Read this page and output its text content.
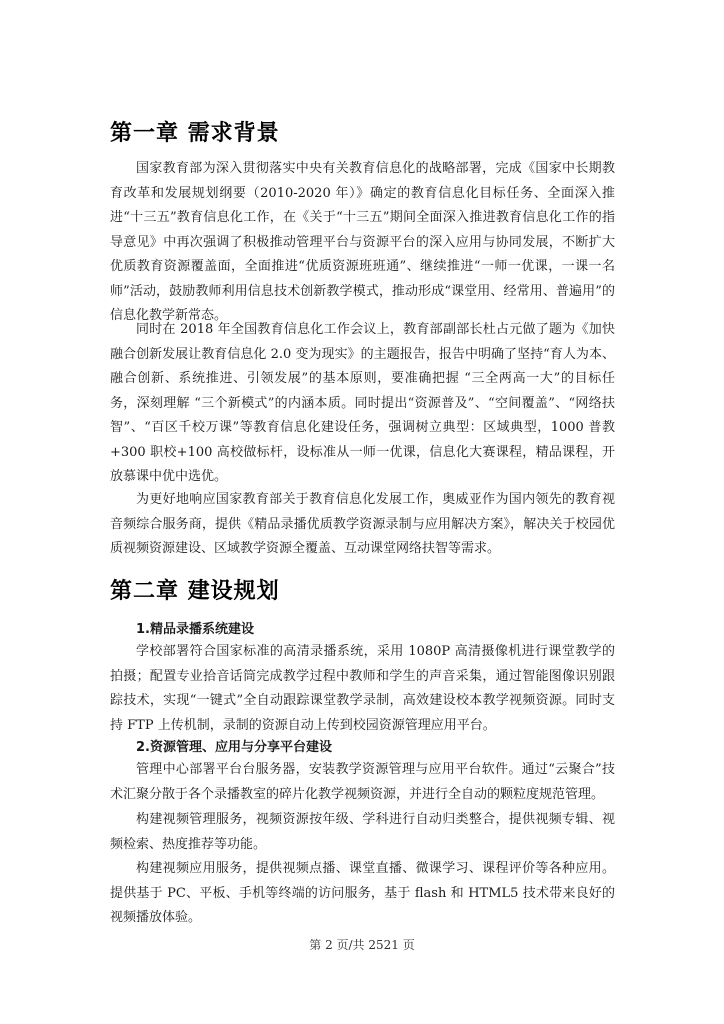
第一章 需求背景

国家教育部为深入贯彻落实中央有关教育信息化的战略部署，完成《国家中长期教育改革和发展规划纲要（2010-2020 年）》确定的教育信息化目标任务、全面深入推进“十三五”教育信息化工作，在《关于“十三五”期间全面深入推进教育信息化工作的指导意见》中再次强调了积极推动管理平台与资源平台的深入应用与协同发展，不断扩大优质教育资源覆盖面，全面推进“优质资源班班通”、继续推进“一师一优课，一课一名师”活动，鼓励教师利用信息技术创新教学模式，推动形成“课堂用、经常用、普遍用”的信息化教学新常态。

同时在 2018 年全国教育信息化工作会议上，教育部副部长杜占元做了题为《加快融合创新发展让教育信息化 2.0 变为现实》的主题报告，报告中明确了坚持“育人为本、融合创新、系统推进、引领发展”的基本原则，要准确把握 “三全两高一大”的目标任务，深刻理解 “三个新模式”的内涵本质。同时提出“资源普及”、“空间覆盖”、“网络扶智”、“百区千校万课”等教育信息化建设任务，强调树立典型：区域典型，1000 普教+300 职校+100 高校做标杆，设标准从一师一优课，信息化大赛课程，精品课程，开放慕课中优中选优。

为更好地响应国家教育部关于教育信息化发展工作，奥威亚作为国内领先的教育视音频综合服务商，提供《精品录播优质教学资源录制与应用解决方案》，解决关于校园优质视频资源建设、区域教学资源全覆盖、互动课堂网络扶智等需求。

第二章 建设规划
1.精品录播系统建设

学校部署符合国家标准的高清录播系统，采用 1080P 高清摄像机进行课堂教学的拍摄；配置专业拾音话筒完成教学过程中教师和学生的声音采集，通过智能图像识别跟踪技术，实现“一键式”全自动跟踪课堂教学录制，高效建设校本教学视频资源。同时支持 FTP 上传机制，录制的资源自动上传到校园资源管理应用平台。

2.资源管理、应用与分享平台建设

管理中心部署平台台服务器，安装教学资源管理与应用平台软件。通过“云聚合”技术汇聚分散于各个录播教室的碎片化教学视频资源，并进行全自动的颗粒度规范管理。

构建视频管理服务，视频资源按年级、学科进行自动归类整合，提供视频专辑、视频检索、热度推荐等功能。

构建视频应用服务，提供视频点播、课堂直播、微课学习、课程评价等各种应用。提供基于 PC、平板、手机等终端的访问服务，基于 flash 和 HTML5 技术带来良好的视频播放体验。

第 2 页/共 2521 页
